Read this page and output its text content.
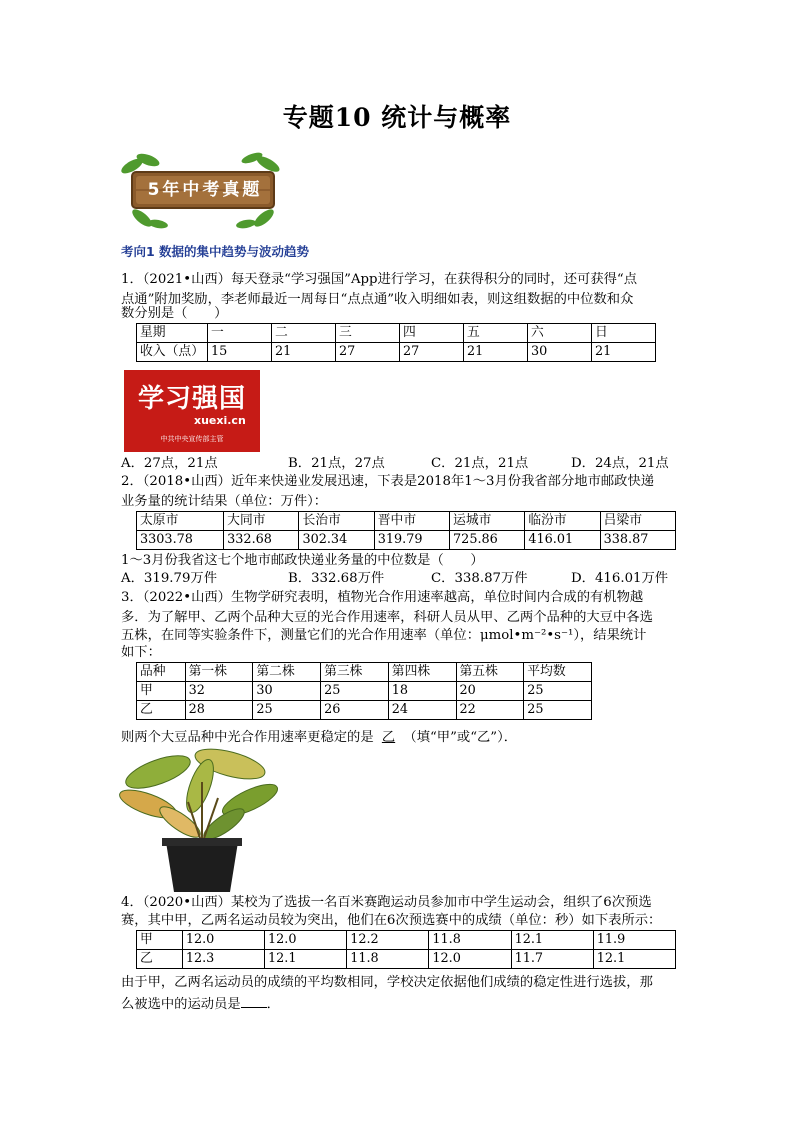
专题10 统计与概率
5年中考真题
考向1 数据的集中趋势与波动趋势
1．（2021•山西）每天登录“学习强国”App进行学习，在获得积分的同时，还可获得“点
点通”附加奖励，李老师最近一周每日“点点通”收入明细如表，则这组数据的中位数和众
数分别是（　　）
星期	一	二	三	四	五	六	日
收入（点）	15	21	27	27	21	30	21
学习强国
xuexi.cn
中共中央宣传部主管
A．27点，21点	B．21点，27点	C．21点，21点	D．24点，21点
2．（2018•山西）近年来快递业发展迅速，下表是2018年1～3月份我省部分地市邮政快递
业务量的统计结果（单位：万件）：
太原市	大同市	长治市	晋中市	运城市	临汾市	吕梁市
3303.78	332.68	302.34	319.79	725.86	416.01	338.87
1～3月份我省这七个地市邮政快递业务量的中位数是（　　）
A．319.79万件	B．332.68万件	C．338.87万件	D．416.01万件
3．（2022•山西）生物学研究表明，植物光合作用速率越高，单位时间内合成的有机物越
多．为了解甲、乙两个品种大豆的光合作用速率，科研人员从甲、乙两个品种的大豆中各选
五株，在同等实验条件下，测量它们的光合作用速率（单位：μmol•m⁻²•s⁻¹），结果统计
如下：
品种	第一株	第二株	第三株	第四株	第五株	平均数
甲	32	30	25	18	20	25
乙	28	25	26	24	22	25
则两个大豆品种中光合作用速率更稳定的是 乙 （填“甲”或“乙”）．
4．（2020•山西）某校为了选拔一名百米赛跑运动员参加市中学生运动会，组织了6次预选
赛，其中甲，乙两名运动员较为突出，他们在6次预选赛中的成绩（单位：秒）如下表所示：
甲	12.0	12.0	12.2	11.8	12.1	11.9
乙	12.3	12.1	11.8	12.0	11.7	12.1
由于甲，乙两名运动员的成绩的平均数相同，学校决定依据他们成绩的稳定性进行选拔，那
么被选中的运动员是 ．
